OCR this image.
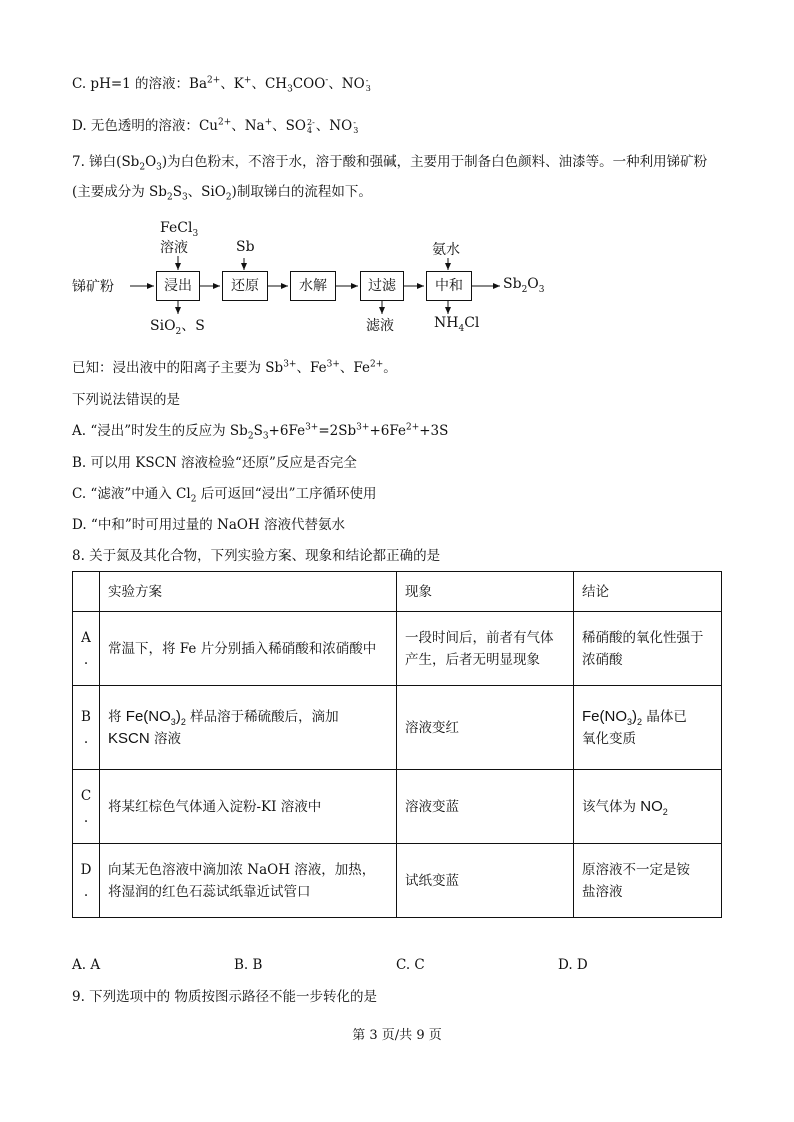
C. pH=1 的溶液：$Ba^{2+}$、K+、$CH_3COO^-$、NO -
3
D. 无色透明的溶液：$Cu^{2+}$、Na+、SO 2-
4 、NO -
3
7. 锑白$(Sb_2O_3)$为白色粉末，不溶于水，溶于酸和强碱，主要用于制备白色颜料、油漆等。一种利用锑矿粉
(主要成分为 $Sb_2S_3$、SiO$_2$)制取锑白的流程如下。
锑矿粉	浸出	还原	水解	过滤	中和	$Sb_2O_3$
FeCl$_3$
溶液	Sb	氨水
SiO$_2$、S	滤液	$NH_4Cl$
已知：浸出液中的阳离子主要为 $Sb^{3+}$、$Fe^{3+}$、$Fe^{2+}$。
下列说法错误的是
A. “浸出”时发生的反应为 $Sb_2S_3+6Fe^{3+}=2Sb^{3+}+6Fe^{2+}+3S$
B. 可以用 KSCN 溶液检验“还原”反应是否完全
C. “滤液”中通入 $Cl_2$ 后可返回“浸出”工序循环使用
D. “中和”时可用过量的 NaOH 溶液代替氨水
8. 关于氮及其化合物，下列实验方案、现象和结论都正确的是
	实验方案	现象	结论

A
.	常温下，将 Fe 片分别插入稀硝酸和浓硝酸中	一段时间后，前者有气体产生，后者无明显现象	稀硝酸的氧化性强于浓硝酸

B
.	将 $Fe(NO_3)_2$ 样品溶于稀硫酸后，滴加
KSCN 溶液	溶液变红	$Fe(NO_3)_2$ 晶体已
氧化变质

C
.	将某红棕色气体通入淀粉-KI 溶液中	溶液变蓝	该气体为 $NO_2$

D
.	向某无色溶液中滴加浓 NaOH 溶液，加热，
将湿润的红色石蕊试纸靠近试管口	试纸变蓝	原溶液不一定是铵
盐溶液
A. A	B. B	C. C	D. D
9. 下列选项中的 物质按图示路径不能一步转化的是
第 3 页/共 9 页
